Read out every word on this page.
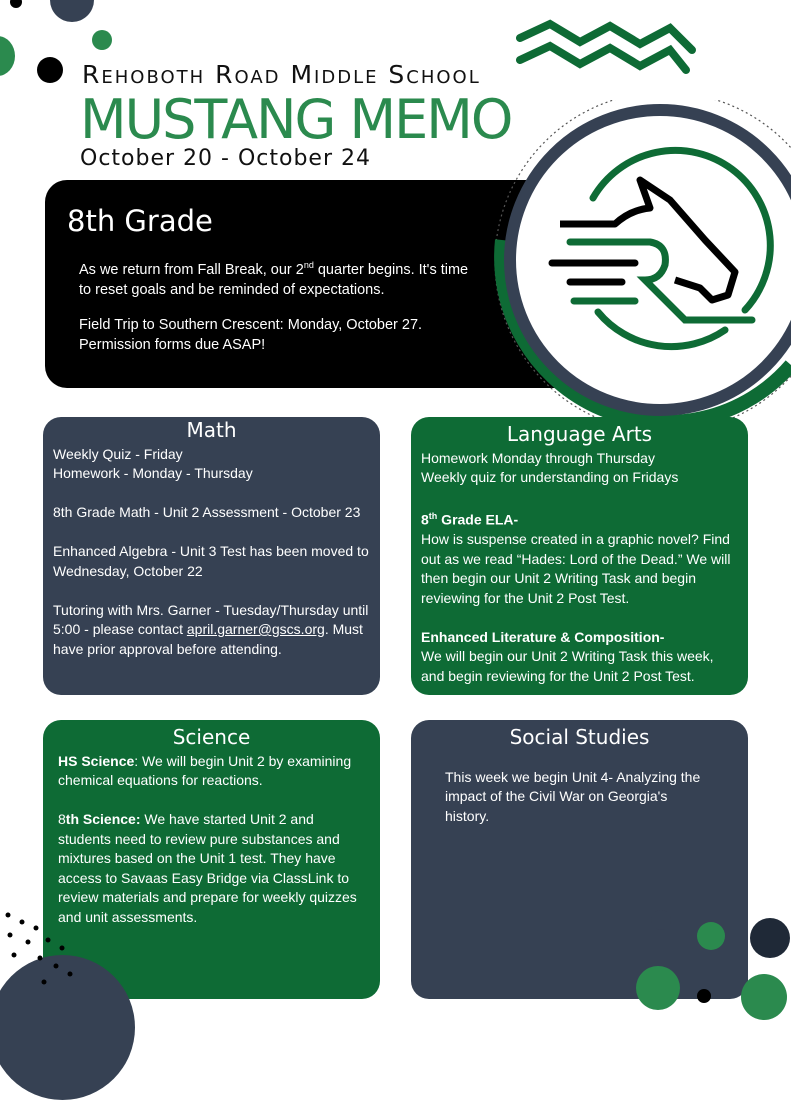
Rehoboth Road Middle School
MUSTANG MEMO
October 20 - October 24
8th Grade
As we return from Fall Break, our 2nd quarter begins. It's time to reset goals and be reminded of expectations.
Field Trip to Southern Crescent: Monday, October 27. Permission forms due ASAP!
Math
Weekly Quiz - Friday

Homework - Monday - Thursday

8th Grade Math - Unit 2 Assessment - October 23

Enhanced Algebra - Unit 3 Test has been moved to Wednesday, October 22

Tutoring with Mrs. Garner - Tuesday/Thursday until 5:00 - please contact april.garner@gscs.org. Must have prior approval before attending.

Language Arts
Homework Monday through Thursday

Weekly quiz for understanding on Fridays

8th Grade ELA-

How is suspense created in a graphic novel? Find out as we read “Hades: Lord of the Dead.” We will then begin our Unit 2 Writing Task and begin reviewing for the Unit 2 Post Test.

Enhanced Literature & Composition-
We will begin our Unit 2 Writing Task this week, and begin reviewing for the Unit 2 Post Test.
Science

HS Science: We will begin Unit 2 by examining chemical equations for reactions.

8th Science: We have started Unit 2 and students need to review pure substances and mixtures based on the Unit 1 test. They have access to Savaas Easy Bridge via ClassLink to review materials and prepare for weekly quizzes and unit assessments.

Social Studies
This week we begin Unit 4- Analyzing the impact of the Civil War on Georgia's history.
